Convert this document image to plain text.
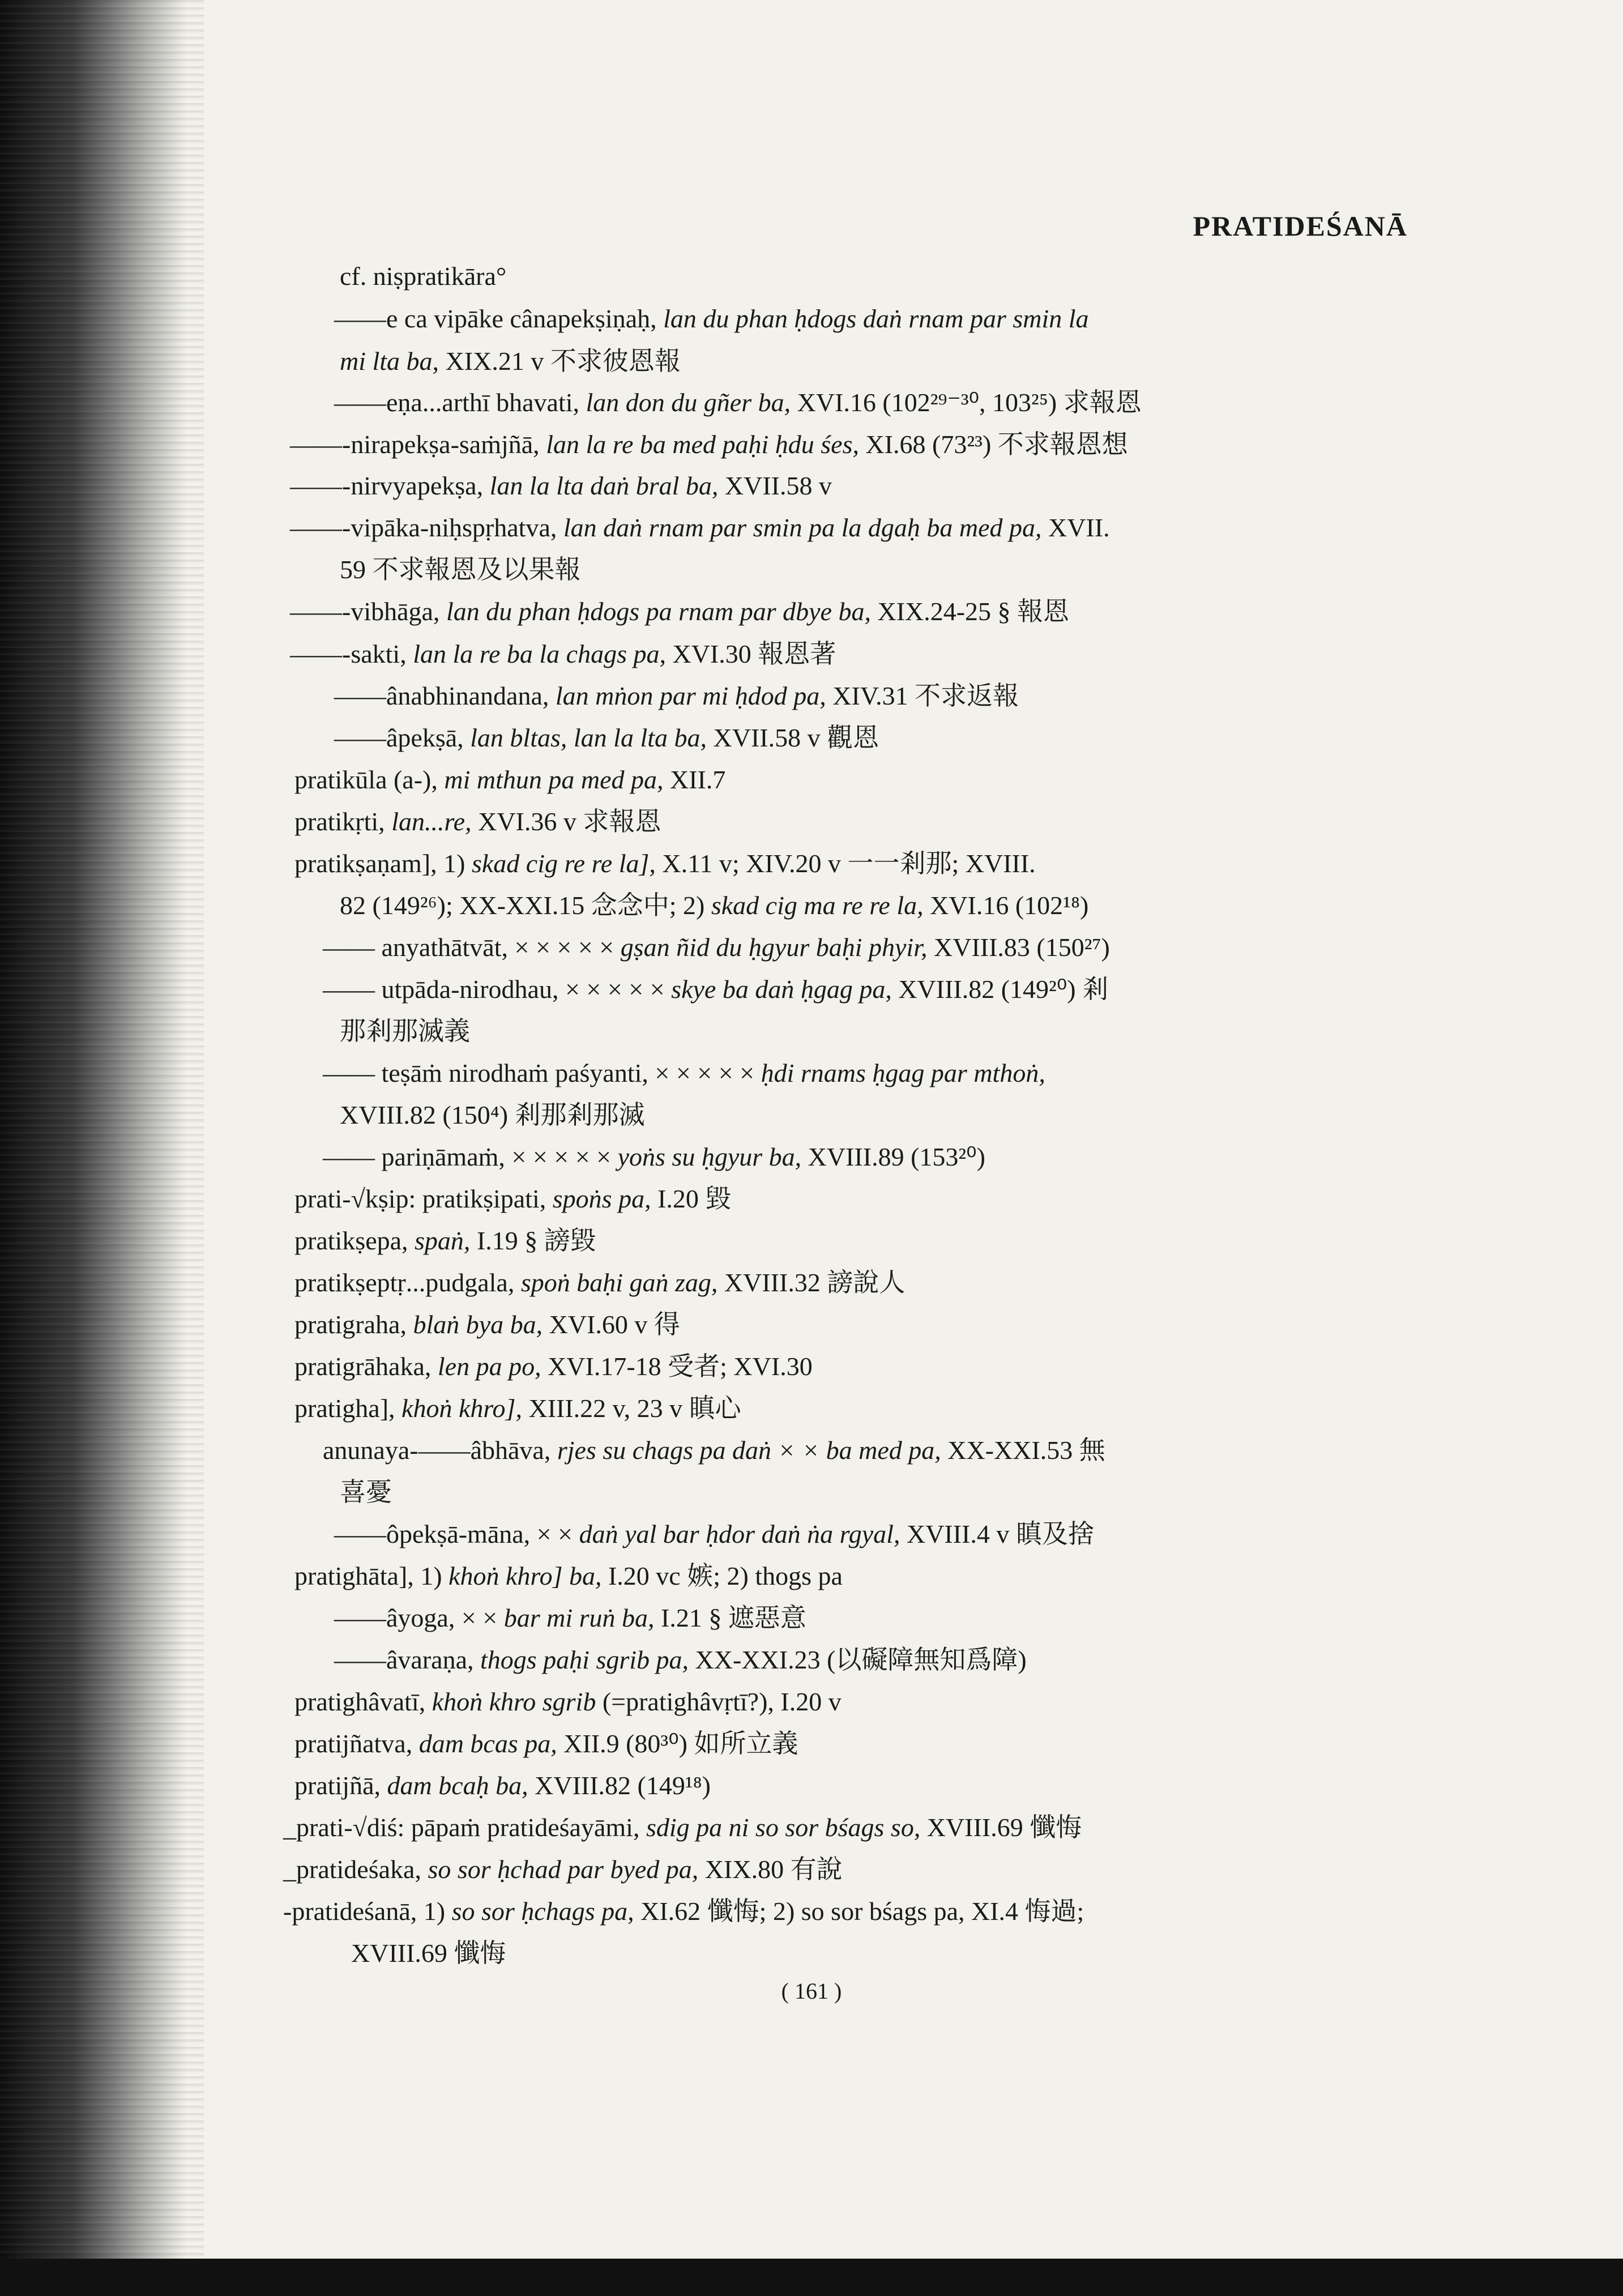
PRATIDEŚANĀ
cf. niṣpratikāra°
——e ca vipāke cânapekṣiṇaḥ, lan du phan ḥdogs daṅ rnam par smin la
mi lta ba, XIX.21 v 不求彼恩報
——eṇa...arthī bhavati, lan don du gñer ba, XVI.16 (102²⁹⁻³⁰, 103²⁵) 求報恩
——-nirapekṣa-saṁjñā, lan la re ba med paḥi ḥdu śes, XI.68 (73²³) 不求報恩想
——-nirvyapekṣa, lan la lta daṅ bral ba, XVII.58 v
——-vipāka-niḥspṛhatva, lan daṅ rnam par smin pa la dgaḥ ba med pa, XVII.
59 不求報恩及以果報
——-vibhāga, lan du phan ḥdogs pa rnam par dbye ba, XIX.24-25 § 報恩
——-sakti, lan la re ba la chags pa, XVI.30 報恩著
——ânabhinandana, lan mṅon par mi ḥdod pa, XIV.31 不求返報
——âpekṣā, lan bltas, lan la lta ba, XVII.58 v 觀恩
pratikūla (a-), mi mthun pa med pa, XII.7
pratikṛti, lan...re, XVI.36 v 求報恩
pratikṣaṇam], 1) skad cig re re la], X.11 v; XIV.20 v 一一剎那; XVIII.
82 (149²⁶); XX-XXI.15 念念中; 2) skad cig ma re re la, XVI.16 (102¹⁸)
—— anyathātvāt, × × × × × gṣan ñid du ḥgyur baḥi phyir, XVIII.83 (150²⁷)
—— utpāda-nirodhau, × × × × × skye ba daṅ ḥgag pa, XVIII.82 (149²⁰) 剎
那剎那滅義
—— teṣāṁ nirodhaṁ paśyanti, × × × × × ḥdi rnams ḥgag par mthoṅ,
XVIII.82 (150⁴) 剎那剎那滅
—— pariṇāmaṁ, × × × × × yoṅs su ḥgyur ba, XVIII.89 (153²⁰)
prati-√kṣip: pratikṣipati, spoṅs pa, I.20 毀
pratikṣepa, spaṅ, I.19 § 謗毀
pratikṣeptṛ...pudgala, spoṅ baḥi gaṅ zag, XVIII.32 謗說人
pratigraha, blaṅ bya ba, XVI.60 v 得
pratigrāhaka, len pa po, XVI.17-18 受者; XVI.30
pratigha], khoṅ khro], XIII.22 v, 23 v 瞋心
anunaya-——âbhāva, rjes su chags pa daṅ × × ba med pa, XX-XXI.53 無
喜憂
——ôpekṣā-māna, × × daṅ yal bar ḥdor daṅ ṅa rgyal, XVIII.4 v 瞋及捨
pratighāta], 1) khoṅ khro] ba, I.20 vc 嫉; 2) thogs pa
——âyoga, × × bar mi ruṅ ba, I.21 § 遮惡意
——âvaraṇa, thogs paḥi sgrib pa, XX-XXI.23 (以礙障無知爲障)
pratighâvatī, khoṅ khro sgrib (=pratighâvṛtī?), I.20 v
pratijñatva, dam bcas pa, XII.9 (80³⁰) 如所立義
pratijñā, dam bcaḥ ba, XVIII.82 (149¹⁸)
_prati-√diś: pāpaṁ pratideśayāmi, sdig pa ni so sor bśags so, XVIII.69 懺悔
_pratideśaka, so sor ḥchad par byed pa, XIX.80 有說
-pratideśanā, 1) so sor ḥchags pa, XI.62 懺悔; 2) so sor bśags pa, XI.4 悔過;
XVIII.69 懺悔
( 161 )
